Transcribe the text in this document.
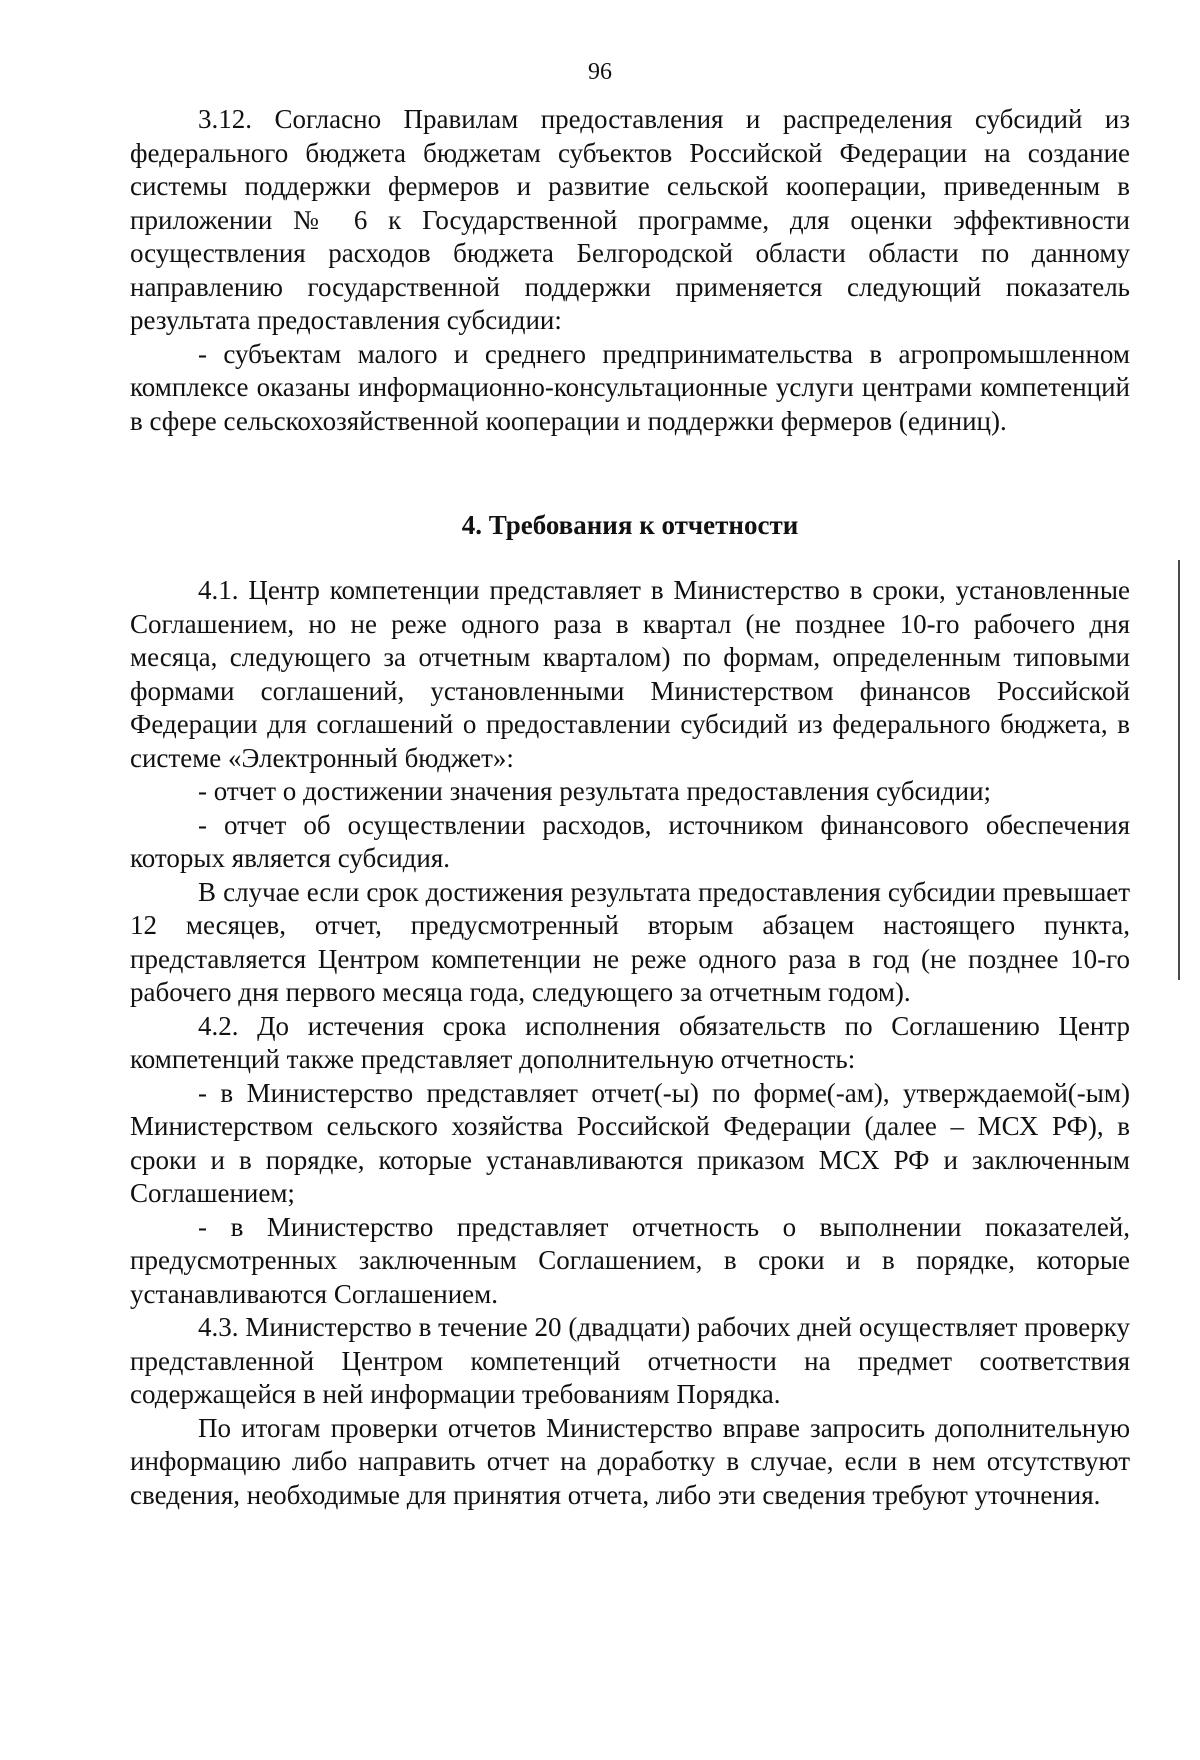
96

3.12. Согласно Правилам предоставления и распределения субсидий из федерального бюджета бюджетам субъектов Российской Федерации на создание системы поддержки фермеров и развитие сельской кооперации, приведенным в приложении № 6 к Государственной программе, для оценки эффективности осуществления расходов бюджета Белгородской области области по данному направлению государственной поддержки применяется следующий показатель результата предоставления субсидии:

- субъектам малого и среднего предпринимательства в агропромышленном комплексе оказаны информационно-консультационные услуги центрами компетенций в сфере сельскохозяйственной кооперации и поддержки фермеров (единиц).

4. Требования к отчетности

4.1. Центр компетенции представляет в Министерство в сроки, установленные Соглашением, но не реже одного раза в квартал (не позднее 10-го рабочего дня месяца, следующего за отчетным кварталом) по формам, определенным типовыми формами соглашений, установленными Министерством финансов Российской Федерации для соглашений о предоставлении субсидий из федерального бюджета, в системе «Электронный бюджет»:

- отчет о достижении значения результата предоставления субсидии;

- отчет об осуществлении расходов, источником финансового обеспечения которых является субсидия.

В случае если срок достижения результата предоставления субсидии превышает 12 месяцев, отчет, предусмотренный вторым абзацем настоящего пункта, представляется Центром компетенции не реже одного раза в год (не позднее 10-го рабочего дня первого месяца года, следующего за отчетным годом).

4.2. До истечения срока исполнения обязательств по Соглашению Центр компетенций также представляет дополнительную отчетность:

- в Министерство представляет отчет(-ы) по форме(-ам), утверждаемой(-ым) Министерством сельского хозяйства Российской Федерации (далее – МСХ РФ), в сроки и в порядке, которые устанавливаются приказом МСХ РФ и заключенным Соглашением;

- в Министерство представляет отчетность о выполнении показателей, предусмотренных заключенным Соглашением, в сроки и в порядке, которые устанавливаются Соглашением.

4.3. Министерство в течение 20 (двадцати) рабочих дней осуществляет проверку представленной Центром компетенций отчетности на предмет соответствия содержащейся в ней информации требованиям Порядка.

По итогам проверки отчетов Министерство вправе запросить дополнительную информацию либо направить отчет на доработку в случае, если в нем отсутствуют сведения, необходимые для принятия отчета, либо эти сведения требуют уточнения.
